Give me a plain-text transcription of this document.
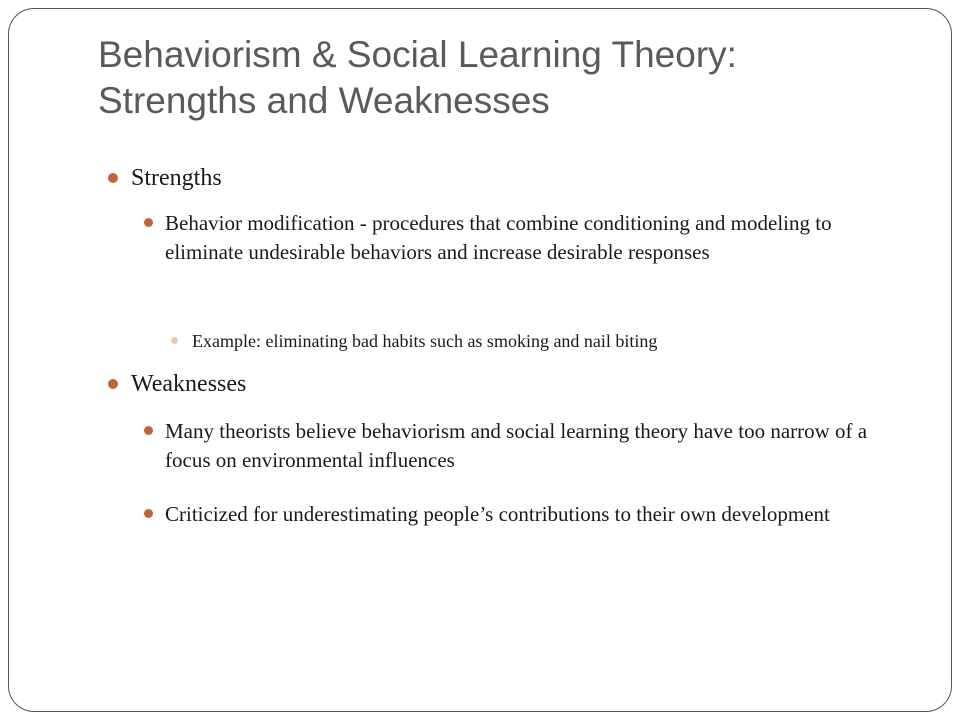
Behaviorism & Social Learning Theory:
Strengths and Weaknesses
Strengths
Behavior modification - procedures that combine conditioning and modeling to eliminate undesirable behaviors and increase desirable responses
Example: eliminating bad habits such as smoking and nail biting
Weaknesses
Many theorists believe behaviorism and social learning theory have too narrow of a focus on environmental influences
Criticized for underestimating people’s contributions to their own development
